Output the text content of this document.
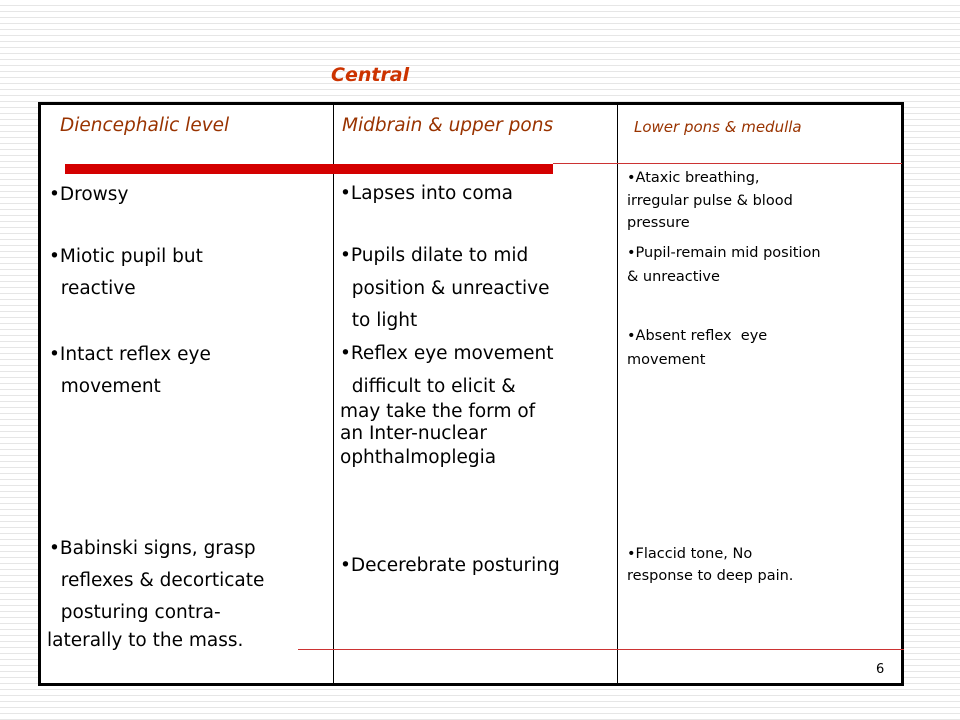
Central
Diencephalic level	Midbrain & upper pons	Lower pons & medulla
•Drowsy
•Miotic pupil but
reactive
•Intact reflex eye
movement
•Babinski signs, grasp
reflexes & decorticate
posturing contra-
laterally to the mass.
•Lapses into coma
•Pupils dilate to mid
position & unreactive
to light
•Reflex eye movement
difficult to elicit &
may take the form of
an Inter-nuclear
ophthalmoplegia
•Decerebrate posturing
•Ataxic breathing,
irregular pulse & blood
pressure
•Pupil-remain mid position
& unreactive
•Absent reflex  eye
movement
•Flaccid tone, No
response to deep pain.
6
